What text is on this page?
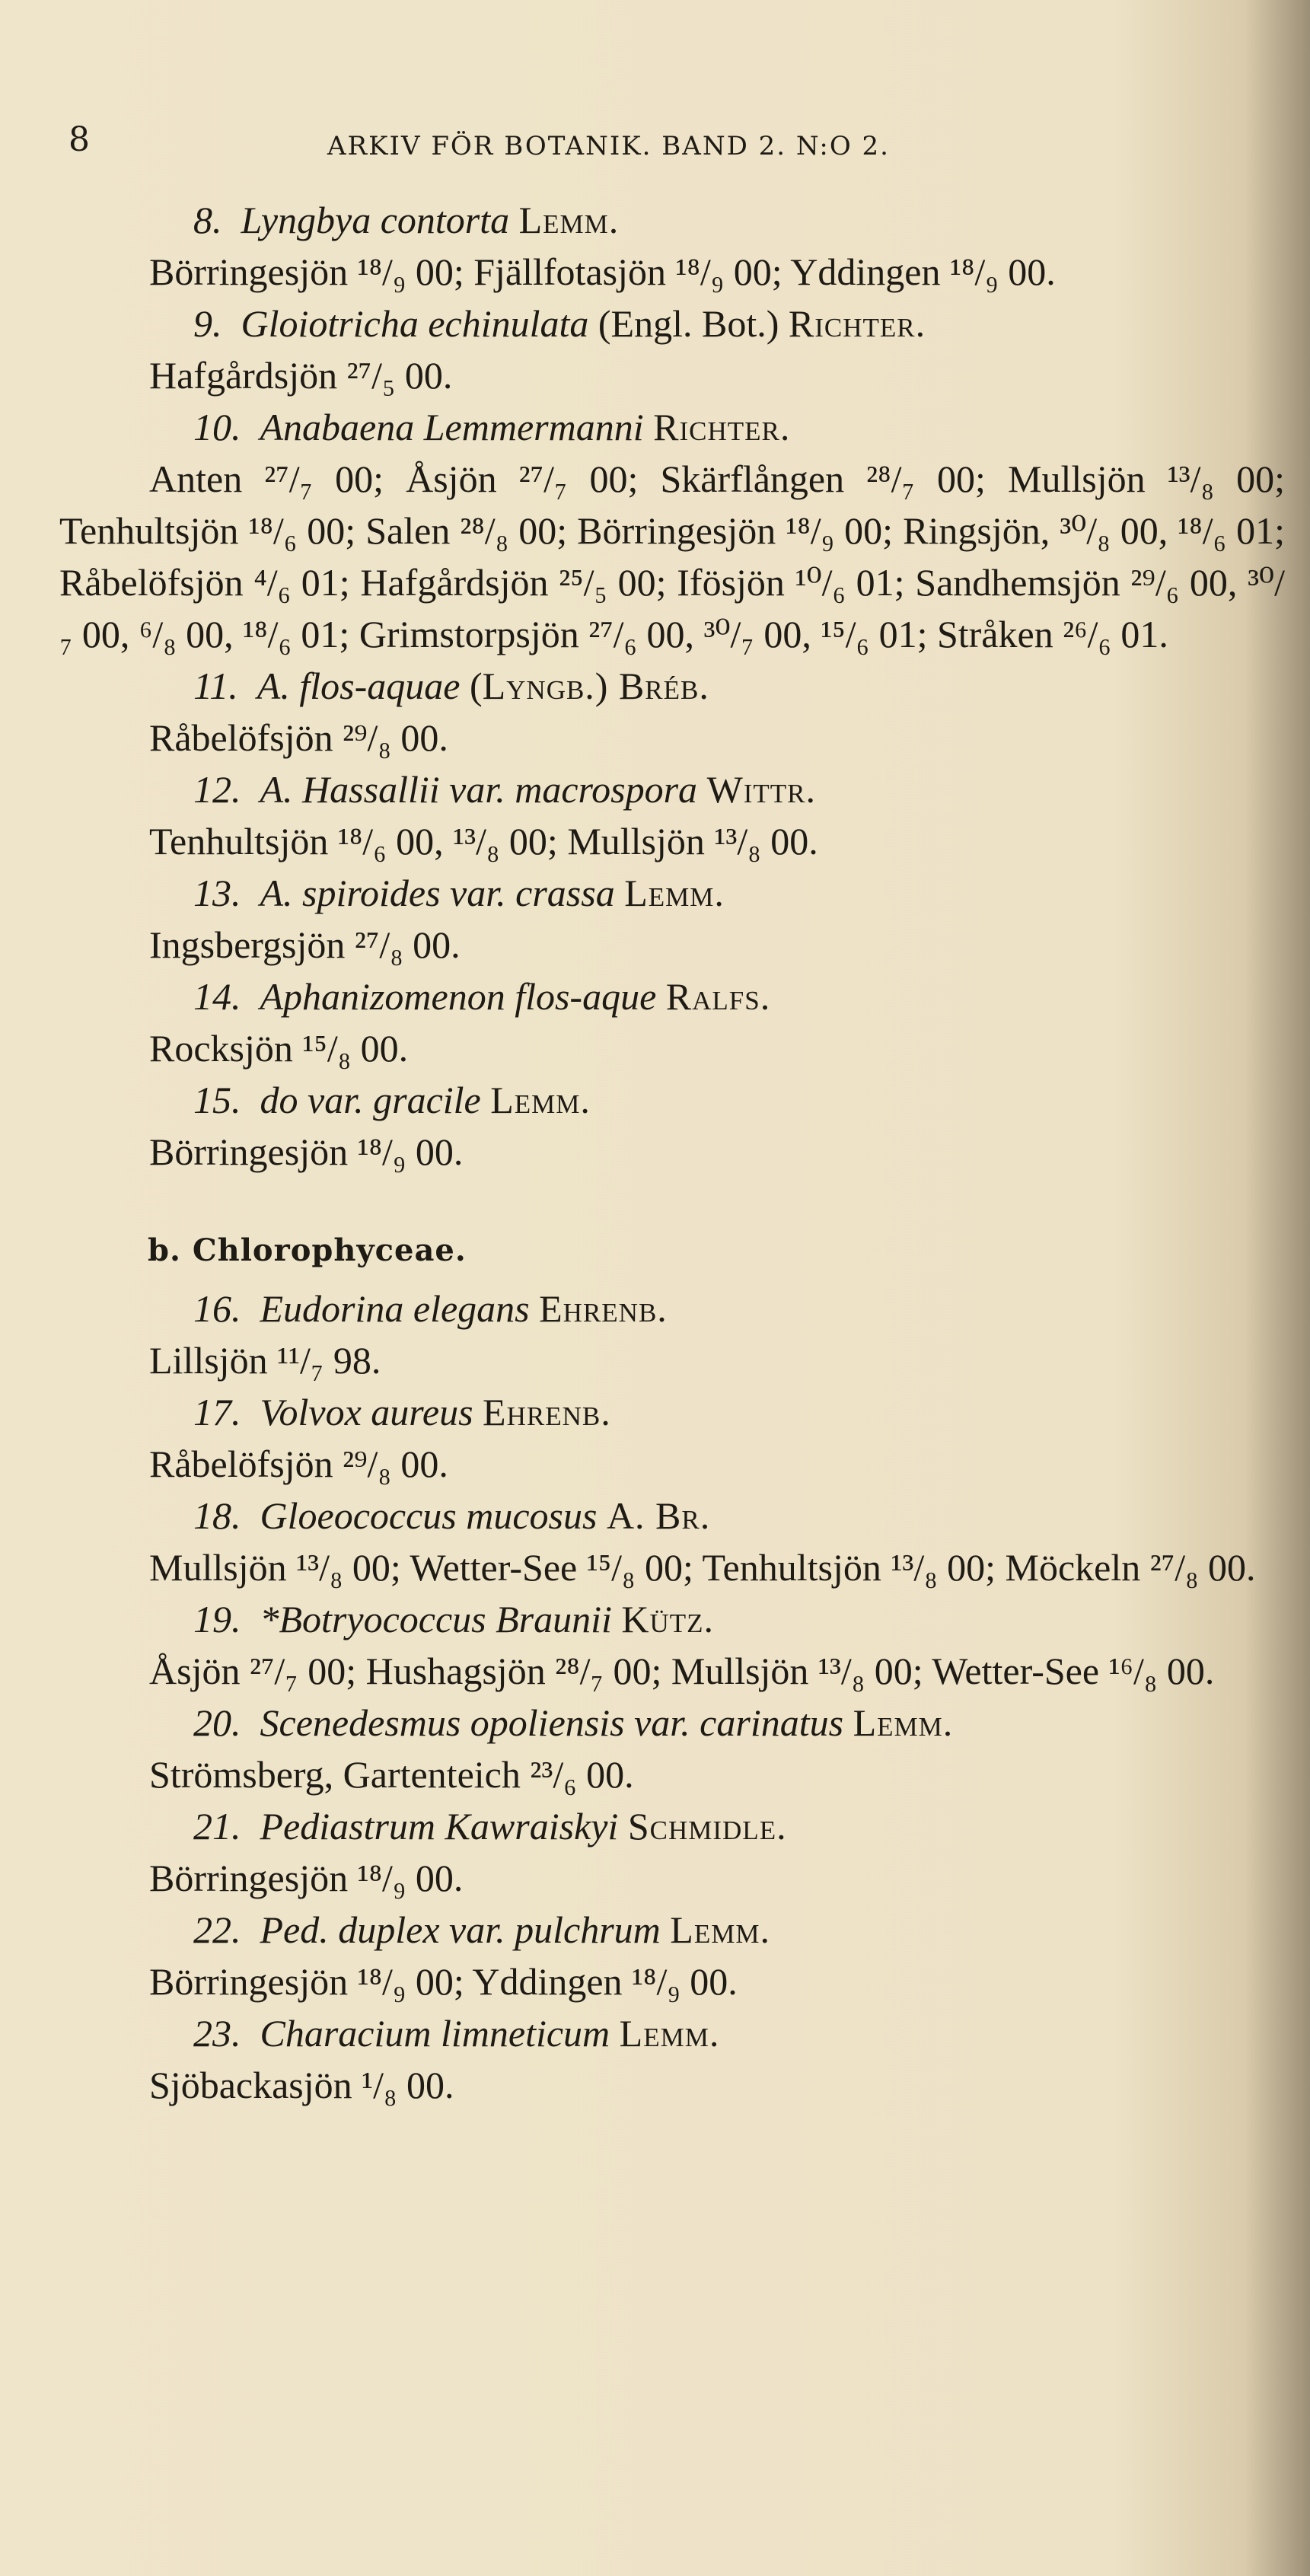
8	ARKIV FÖR BOTANIK. BAND 2. N:O 2.
8. Lyngbya contorta Lemm.
Börringesjön ¹⁸/₉ 00; Fjällfotasjön ¹⁸/₉ 00; Yddingen ¹⁸/₉ 00.
9. Gloiotricha echinulata (Engl. Bot.) Richter.
Hafgårdsjön ²⁷/₅ 00.
10. Anabaena Lemmermanni Richter.
Anten ²⁷/₇ 00; Åsjön ²⁷/₇ 00; Skärflången ²⁸/₇ 00; Mullsjön ¹³/₈ 00; Tenhultsjön ¹⁸/₆ 00; Salen ²⁸/₈ 00; Börringesjön ¹⁸/₉ 00; Ringsjön, ³⁰/₈ 00, ¹⁸/₆ 01; Råbelöfsjön ⁴/₆ 01; Hafgårdsjön ²⁵/₅ 00; Ifösjön ¹⁰/₆ 01; Sandhemsjön ²⁹/₆ 00, ³⁰/₇ 00, ⁶/₈ 00, ¹⁸/₆ 01; Grimstorpsjön ²⁷/₆ 00, ³⁰/₇ 00, ¹⁵/₆ 01; Stråken ²⁶/₆ 01.
11. A. flos-aquae (Lyngb.) Bréb.
Råbelöfsjön ²⁹/₈ 00.
12. A. Hassallii var. macrospora Wittr.
Tenhultsjön ¹⁸/₆ 00, ¹³/₈ 00; Mullsjön ¹³/₈ 00.
13. A. spiroides var. crassa Lemm.
Ingsbergsjön ²⁷/₈ 00.
14. Aphanizomenon flos-aque Ralfs.
Rocksjön ¹⁵/₈ 00.
15. do var. gracile Lemm.
Börringesjön ¹⁸/₉ 00.
b. Chlorophyceae.
16. Eudorina elegans Ehrenb.
Lillsjön ¹¹/₇ 98.
17. Volvox aureus Ehrenb.
Råbelöfsjön ²⁹/₈ 00.
18. Gloeococcus mucosus A. Br.
Mullsjön ¹³/₈ 00; Wetter-See ¹⁵/₈ 00; Tenhultsjön ¹³/₈ 00; Möckeln ²⁷/₈ 00.
19. *Botryococcus Braunii Kütz.
Åsjön ²⁷/₇ 00; Hushagsjön ²⁸/₇ 00; Mullsjön ¹³/₈ 00; Wetter-See ¹⁶/₈ 00.
20. Scenedesmus opoliensis var. carinatus Lemm.
Strömsberg, Gartenteich ²³/₆ 00.
21. Pediastrum Kawraiskyi Schmidle.
Börringesjön ¹⁸/₉ 00.
22. Ped. duplex var. pulchrum Lemm.
Börringesjön ¹⁸/₉ 00; Yddingen ¹⁸/₉ 00.
23. Characium limneticum Lemm.
Sjöbackasjön ¹/₈ 00.
